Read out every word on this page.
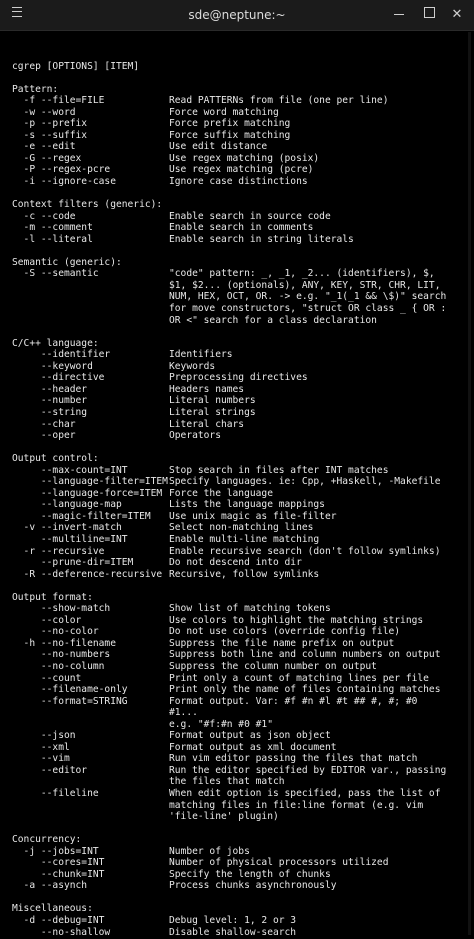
sde@neptune:~	✕
cgrep [OPTIONS] [ITEM]
Pattern:
-f --file=FILE	Read PATTERNs from file (one per line)
-w --word	Force word matching
-p --prefix	Force prefix matching
-s --suffix	Force suffix matching
-e --edit	Use edit distance
-G --regex	Use regex matching (posix)
-P --regex-pcre	Use regex matching (pcre)
-i --ignore-case	Ignore case distinctions
Context filters (generic):
-c --code	Enable search in source code
-m --comment	Enable search in comments
-l --literal	Enable search in string literals
Semantic (generic):
-S --semantic	"code" pattern: _, _1, _2... (identifiers), $,
$1, $2... (optionals), ANY, KEY, STR, CHR, LIT,
NUM, HEX, OCT, OR. -> e.g. "_1(_1 && \$)" search
for move constructors, "struct OR class _ { OR :
OR <" search for a class declaration
C/C++ language:
--identifier	Identifiers
--keyword	Keywords
--directive	Preprocessing directives
--header	Headers names
--number	Literal numbers
--string	Literal strings
--char	Literal chars
--oper	Operators
Output control:
--max-count=INT	Stop search in files after INT matches
--language-filter=ITEM Specify languages. ie: Cpp, +Haskell, -Makefile
--language-force=ITEM Force the language
--language-map	Lists the language mappings
--magic-filter=ITEM Use unix magic as file-filter
-v --invert-match	Select non-matching lines
--multiline=INT	Enable multi-line matching
-r --recursive	Enable recursive search (don't follow symlinks)
--prune-dir=ITEM	Do not descend into dir
-R --deference-recursive Recursive, follow symlinks
Output format:
--show-match	Show list of matching tokens
--color	Use colors to highlight the matching strings
--no-color	Do not use colors (override config file)
-h --no-filename	Suppress the file name prefix on output
--no-numbers	Suppress both line and column numbers on output
--no-column	Suppress the column number on output
--count	Print only a count of matching lines per file
--filename-only	Print only the name of files containing matches
--format=STRING	Format output. Var: #f #n #l #t ## #, #; #0
#1...
e.g. "#f:#n #0 #1"
--json	Format output as json object
--xml	Format output as xml document
--vim	Run vim editor passing the files that match
--editor	Run the editor specified by EDITOR var., passing
the files that match
--fileline	When edit option is specified, pass the list of
matching files in file:line format (e.g. vim
'file-line' plugin)
Concurrency:
-j --jobs=INT	Number of jobs
--cores=INT	Number of physical processors utilized
--chunk=INT	Specify the length of chunks
-a --asynch	Process chunks asynchronously
Miscellaneous:
-d --debug=INT	Debug level: 1, 2 or 3
--no-shallow	Disable shallow-search
